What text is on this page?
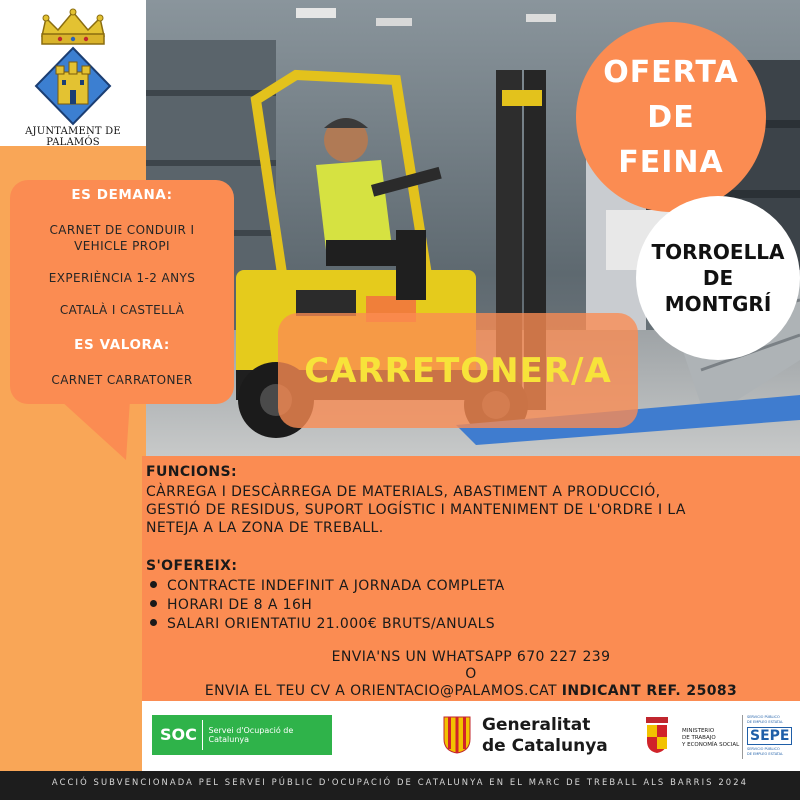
AJUNTAMENT DE PALAMÓS
ES DEMANA:
CARNET DE CONDUIR I
VEHICLE PROPI
EXPERIÈNCIA 1-2 ANYS
CATALÀ I CASTELLÀ
ES VALORA:
CARNET CARRATONER
OFERTA
DE
FEINA
TORROELLA
DE
MONTGRÍ
CARRETONER/A
FUNCIONS:
CÀRREGA I DESCÀRREGA DE MATERIALS, ABASTIMENT A PRODUCCIÓ,
GESTIÓ DE RESIDUS, SUPORT LOGÍSTIC I MANTENIMENT DE L'ORDRE I LA
NETEJA A LA ZONA DE TREBALL.
S'OFEREIX:
CONTRACTE INDEFINIT A JORNADA COMPLETA
HORARI DE 8 A 16H
SALARI ORIENTATIU 21.000€ BRUTS/ANUALS
ENVIA'NS UN WHATSAPP 670 227 239
O
ENVIA EL TEU CV A ORIENTACIO@PALAMOS.CAT INDICANT REF. 25083
SOC	Servei d'Ocupació de Catalunya
Generalitat
de Catalunya
MINISTERIO
DE TRABAJO
Y ECONOMÍA SOCIAL
SERVICIO PÚBLICO
DE EMPLEO ESTATAL
SEPE
SERVICIO PÚBLICO
DE EMPLEO ESTATAL
ACCIÓ SUBVENCIONADA PEL SERVEI PÚBLIC D'OCUPACIÓ DE CATALUNYA EN EL MARC DE TREBALL ALS BARRIS 2024
